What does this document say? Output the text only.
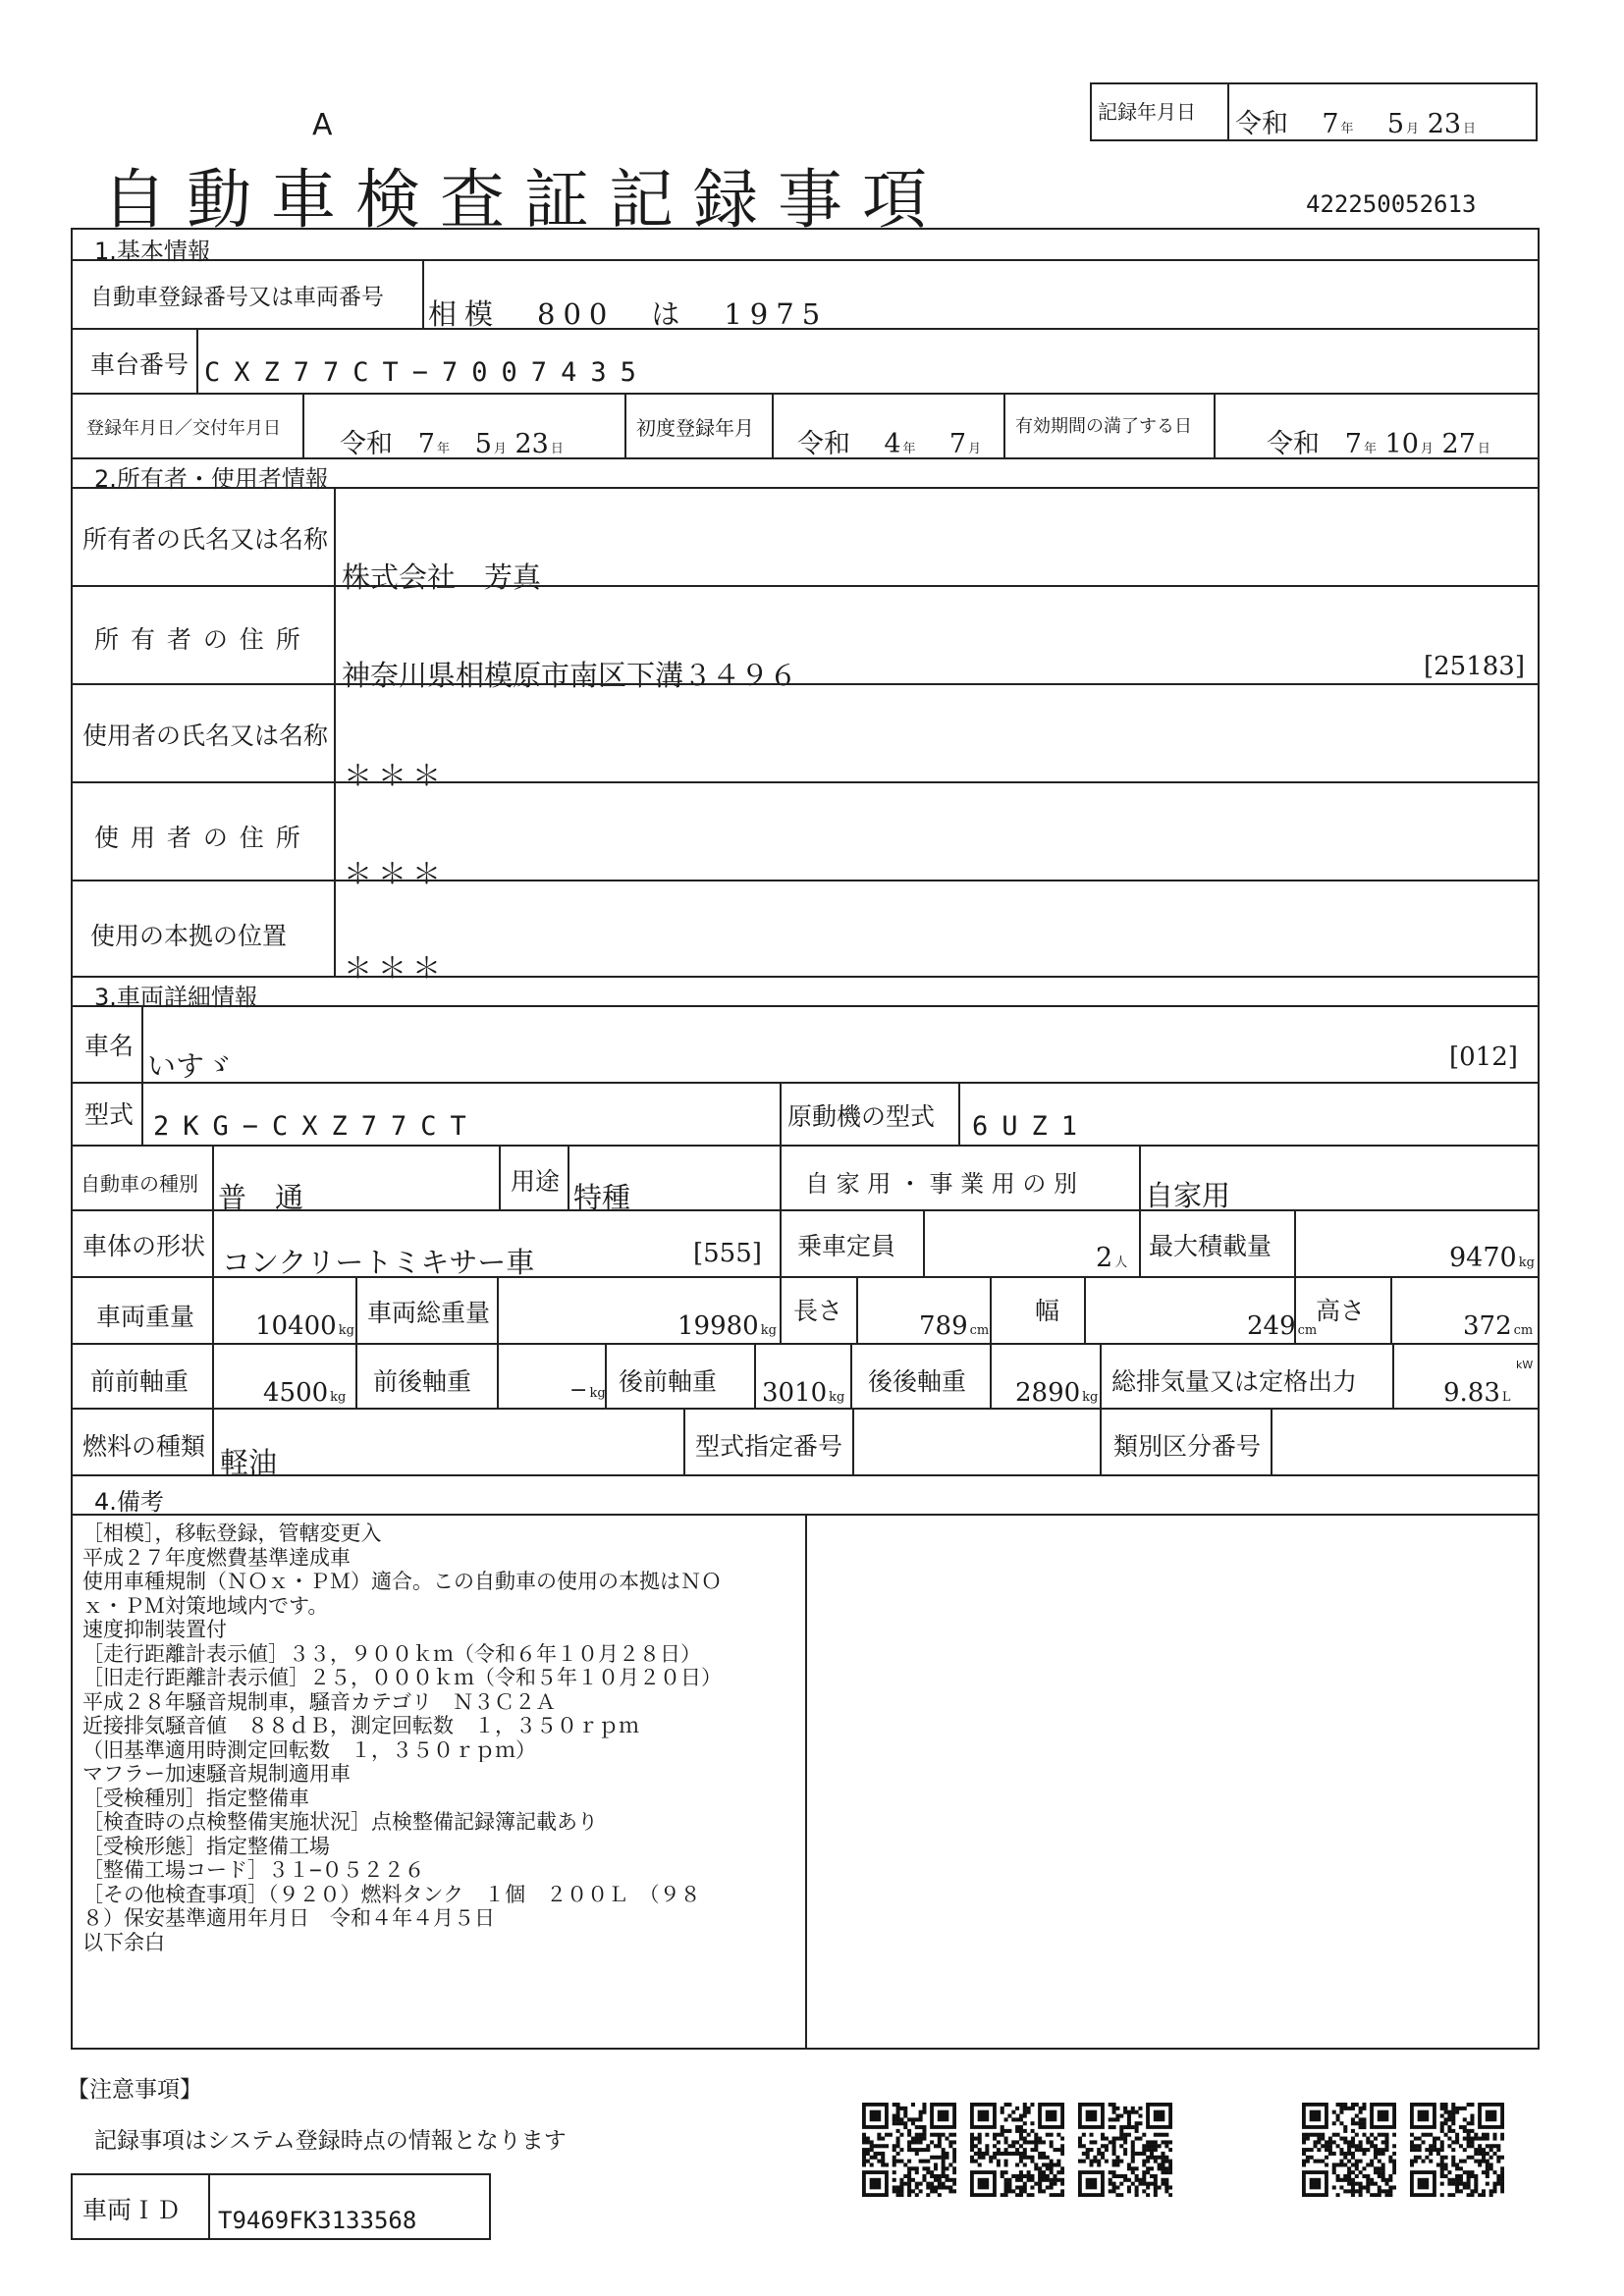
A
自動車検査証記録事項	422250052613
記録年月日 令和 7 年 5 月 23 日
1.基本情報
自動車登録番号又は車両番号 相模　800　は　1975
車台番号 CXZ77CT−7007435
登録年月日／交付年月日
令和 7 年 5 月 23 日
初度登録年月
令和 4 年 7 月
有効期間の満了する日
令和 7 年 10 月 27 日
2.所有者・使用者情報
所有者の氏名又は名称
株式会社　芳真
所 有 者 の 住 所
神奈川県相模原市南区下溝３４９６	[25183]
使用者の氏名又は名称
＊＊＊
使 用 者 の 住 所
＊＊＊
使用の本拠の位置
＊＊＊
3.車両詳細情報
車名
いすゞ	[012]
型式 2KG−CXZ77CT	原動機の型式 6UZ1
自動車の種別 普　通	用途 特種	自 家 用 ・ 事 業 用 の 別 自家用
車体の形状 コンクリートミキサー車	[555] 乗車定員	2 人
最大積載量	9470 kg
車両重量 10400 kg
車両総重量	19980 kg
長さ
789 cm
幅
249 cm
高さ
372 cm
前前軸重	4500 kg
前後軸重	− kg 後前軸重 3010 kg
後後軸重 2890 kg
総排気量又は定格出力	9.83 L
kW
燃料の種類 軽油	型式指定番号	類別区分番号
4.備考
［相模］，移転登録，管轄変更入
平成２７年度燃費基準達成車
使用車種規制（ＮＯｘ・ＰＭ）適合。この自動車の使用の本拠はＮＯ
ｘ・ＰＭ対策地域内です。
速度抑制装置付
［走行距離計表示値］３３，９００ｋｍ（令和６年１０月２８日）
［旧走行距離計表示値］２５，０００ｋｍ（令和５年１０月２０日）
平成２８年騒音規制車，騒音カテゴリ　Ｎ３Ｃ２Ａ
近接排気騒音値　８８ｄＢ，測定回転数　１，３５０ｒｐｍ
（旧基準適用時測定回転数　１，３５０ｒｐｍ）
マフラー加速騒音規制適用車
［受検種別］指定整備車
［検査時の点検整備実施状況］点検整備記録簿記載あり
［受検形態］指定整備工場
［整備工場コード］３１−０５２２６
［その他検査事項］（９２０）燃料タンク　１個　２００Ｌ　（９８
８）保安基準適用年月日　令和４年４月５日
以下余白
【注意事項】
記録事項はシステム登録時点の情報となります
車両ＩＤ T9469FK3133568
